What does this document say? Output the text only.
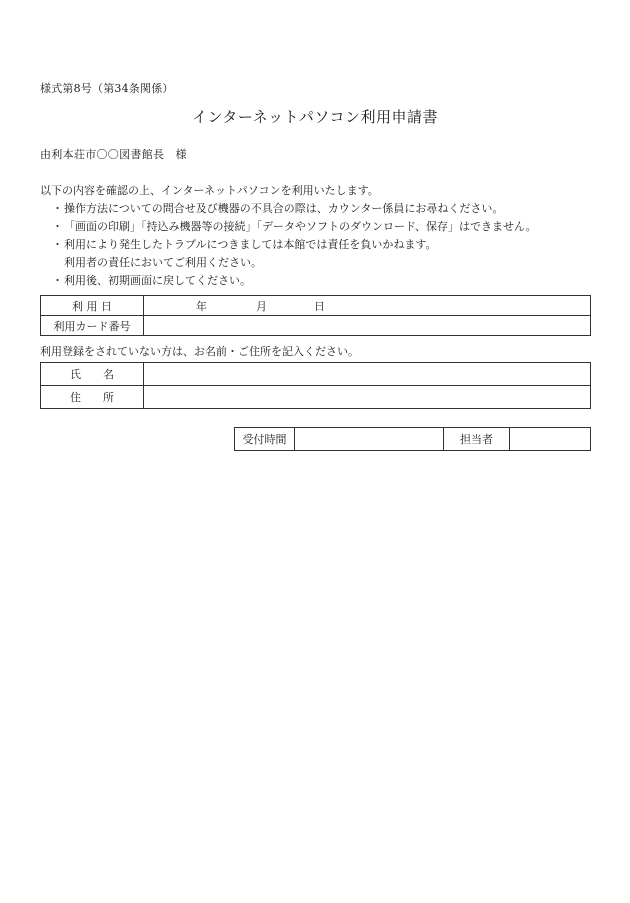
様式第8号（第34条関係）
インターネットパソコン利用申請書
由利本荘市〇〇図書館長　様
以下の内容を確認の上、インターネットパソコンを利用いたします。
・操作方法についての問合せ及び機器の不具合の際は、カウンター係員にお尋ねください。
・「画面の印刷」「持込み機器等の接続」「データやソフトのダウンロード、保存」はできません。
・利用により発生したトラブルにつきましては本館では責任を負いかねます。
利用者の責任においてご利用ください。
・利用後、初期画面に戻してください。
利 用 日	年 月 日

利用カード番号	
利用登録をされていない方は、お名前・ご住所を記入ください。
氏名	
住所	
受付時間		担当者	
